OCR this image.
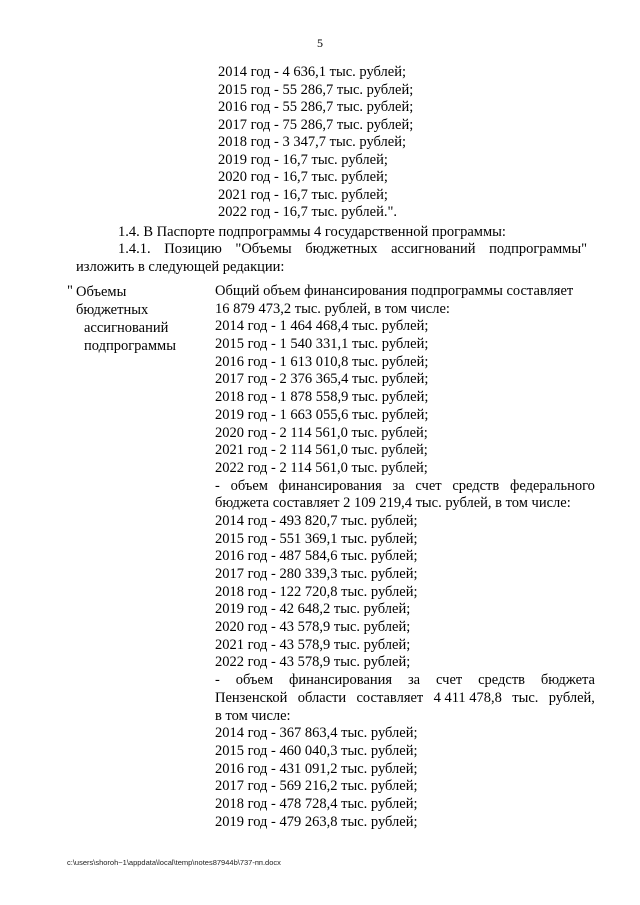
5
2014 год - 4 636,1 тыс. рублей;
2015 год - 55 286,7 тыс. рублей;
2016 год - 55 286,7 тыс. рублей;
2017 год - 75 286,7 тыс. рублей;
2018 год - 3 347,7 тыс. рублей;
2019 год - 16,7 тыс. рублей;
2020 год - 16,7 тыс. рублей;
2021 год - 16,7 тыс. рублей;
2022 год - 16,7 тыс. рублей.".
1.4. В Паспорте подпрограммы 4 государственной программы:
1.4.1. Позицию "Объемы бюджетных ассигнований подпрограммы"
изложить в следующей редакции:
" Объемы
бюджетных
ассигнований
подпрограммы
Общий объем финансирования подпрограммы составляет
16 879 473,2 тыс. рублей, в том числе:
2014 год - 1 464 468,4 тыс. рублей;
2015 год - 1 540 331,1 тыс. рублей;
2016 год - 1 613 010,8 тыс. рублей;
2017 год - 2 376 365,4 тыс. рублей;
2018 год - 1 878 558,9 тыс. рублей;
2019 год - 1 663 055,6 тыс. рублей;
2020 год - 2 114 561,0 тыс. рублей;
2021 год - 2 114 561,0 тыс. рублей;
2022 год - 2 114 561,0 тыс. рублей;
- объем финансирования за счет средств федерального
бюджета составляет 2 109 219,4 тыс. рублей, в том числе:
2014 год - 493 820,7 тыс. рублей;
2015 год - 551 369,1 тыс. рублей;
2016 год - 487 584,6 тыс. рублей;
2017 год - 280 339,3 тыс. рублей;
2018 год - 122 720,8 тыс. рублей;
2019 год - 42 648,2 тыс. рублей;
2020 год - 43 578,9 тыс. рублей;
2021 год - 43 578,9 тыс. рублей;
2022 год - 43 578,9 тыс. рублей;
- объем финансирования за счет средств бюджета
Пензенской области составляет 4 411 478,8 тыс. рублей,
в том числе:
2014 год - 367 863,4 тыс. рублей;
2015 год - 460 040,3 тыс. рублей;
2016 год - 431 091,2 тыс. рублей;
2017 год - 569 216,2 тыс. рублей;
2018 год - 478 728,4 тыс. рублей;
2019 год - 479 263,8 тыс. рублей;
c:\users\shoroh~1\appdata\local\temp\notes87944b\737-пп.docx
